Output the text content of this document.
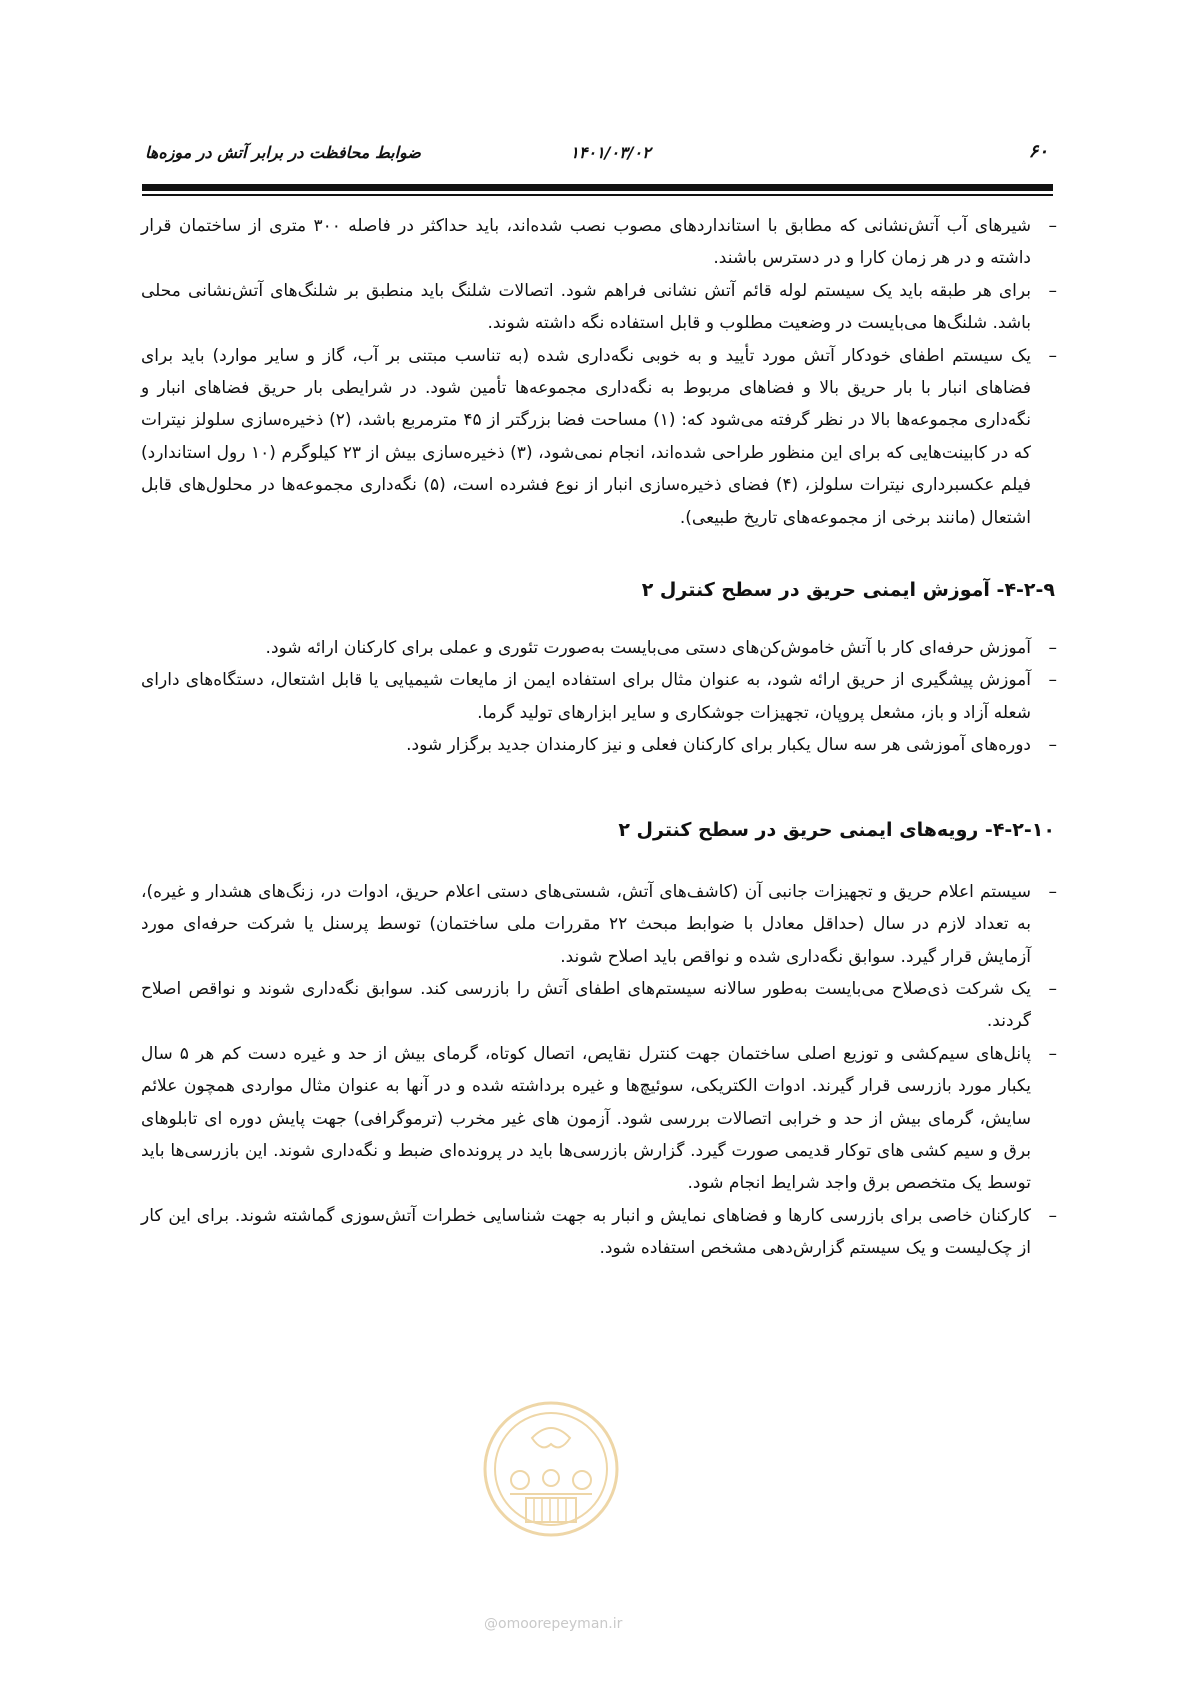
۶۰
۱۴۰۱/۰۳/۰۲
ضوابط محافظت در برابر آتش در موزه‌ها
– شیرهای آب آتش‌نشانی که مطابق با استانداردهای مصوب نصب شده‌اند، باید حداکثر در فاصله ۳۰۰ متری از ساختمان قرار داشته و در هر زمان کارا و در دسترس باشند.
– برای هر طبقه باید یک سیستم لوله قائم آتش نشانی فراهم شود. اتصالات شلنگ باید منطبق بر شلنگ‌های آتش‌نشانی محلی باشد. شلنگ‌ها می‌بایست در وضعیت مطلوب و قابل استفاده نگه داشته شوند.
– یک سیستم اطفای خودکار آتش مورد تأیید و به خوبی نگه‌داری شده (به تناسب مبتنی بر آب، گاز و سایر موارد) باید برای فضاهای انبار با بار حریق بالا و فضاهای مربوط به نگه‌داری مجموعه‌ها تأمین شود. در شرایطی بار حریق فضاهای انبار و نگه‌داری مجموعه‌ها بالا در نظر گرفته می‌شود که: (۱) مساحت فضا بزرگتر از ۴۵ مترمربع باشد، (۲) ذخیره‌سازی سلولز نیترات که در کابینت‌هایی که برای این منظور طراحی شده‌اند، انجام نمی‌شود، (۳) ذخیره‌سازی بیش از ۲۳ کیلوگرم (۱۰ رول استاندارد) فیلم عکسبرداری نیترات سلولز، (۴) فضای ذخیره‌سازی انبار از نوع فشرده است، (۵) نگه‌داری مجموعه‌ها در محلول‌های قابل اشتعال (مانند برخی از مجموعه‌های تاریخ طبیعی).
۴-۲-۹- آموزش ایمنی حریق در سطح کنترل ۲
– آموزش حرفه‌ای کار با آتش خاموش‌کن‌های دستی می‌بایست به‌صورت تئوری و عملی برای کارکنان ارائه شود.
– آموزش پیشگیری از حریق ارائه شود، به عنوان مثال برای استفاده ایمن از مایعات شیمیایی یا قابل اشتعال، دستگاه‌های دارای شعله آزاد و باز، مشعل پروپان، تجهیزات جوشکاری و سایر ابزارهای تولید گرما.
– دوره‌های آموزشی هر سه سال یکبار برای کارکنان فعلی و نیز کارمندان جدید برگزار شود.
۴-۲-۱۰- رویه‌های ایمنی حریق در سطح کنترل ۲
– سیستم اعلام حریق و تجهیزات جانبی آن (کاشف‌های آتش، شستی‌های دستی اعلام حریق، ادوات در، زنگ‌های هشدار و غیره)، به تعداد لازم در سال (حداقل معادل با ضوابط مبحث ۲۲ مقررات ملی ساختمان) توسط پرسنل یا شرکت حرفه‌ای مورد آزمایش قرار گیرد. سوابق نگه‌داری شده و نواقص باید اصلاح شوند.
– یک شرکت ذی‌صلاح می‌بایست به‌طور سالانه سیستم‌های اطفای آتش را بازرسی کند. سوابق نگه‌داری شوند و نواقص اصلاح گردند.
– پانل‌های سیم‌کشی و توزیع اصلی ساختمان جهت کنترل نقایص، اتصال کوتاه، گرمای بیش از حد و غیره دست کم هر ۵ سال یکبار مورد بازرسی قرار گیرند. ادوات الکتریکی، سوئیچ‌ها و غیره برداشته شده و در آنها به عنوان مثال مواردی همچون علائم سایش، گرمای بیش از حد و خرابی اتصالات بررسی شود. آزمون های غیر مخرب (ترموگرافی) جهت پایش دوره ای تابلوهای برق و سیم کشی های توکار قدیمی صورت گیرد. گزارش بازرسی‌ها باید در پرونده‌ای ضبط و نگه‌داری شوند. این بازرسی‌ها باید توسط یک متخصص برق واجد شرایط انجام شود.
– کارکنان خاصی برای بازرسی کارها و فضاهای نمایش و انبار به جهت شناسایی خطرات آتش‌سوزی گماشته شوند. برای این کار از چک‌لیست و یک سیستم گزارش‌دهی مشخص استفاده شود.
@omoorepeyman.ir
